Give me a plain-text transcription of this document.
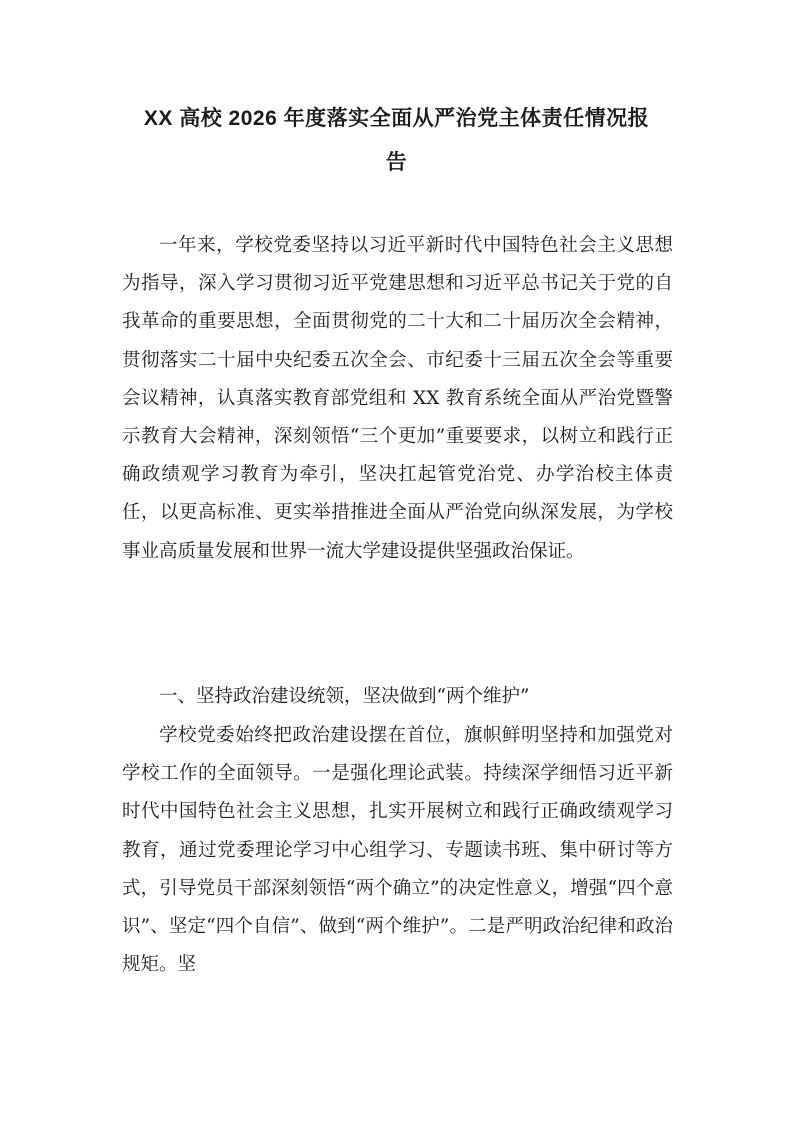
XX 高校 2026 年度落实全面从严治党主体责任情况报
告

一年来，学校党委坚持以习近平新时代中国特色社会主义思想为指导，深入学习贯彻习近平党建思想和习近平总书记关于党的自我革命的重要思想，全面贯彻党的二十大和二十届历次全会精神，贯彻落实二十届中央纪委五次全会、市纪委十三届五次全会等重要会议精神，认真落实教育部党组和 XX 教育系统全面从严治党暨警示教育大会精神，深刻领悟“三个更加”重要要求，以树立和践行正确政绩观学习教育为牵引，坚决扛起管党治党、办学治校主体责任，以更高标准、更实举措推进全面从严治党向纵深发展，为学校事业高质量发展和世界一流大学建设提供坚强政治保证。

一、坚持政治建设统领，坚决做到“两个维护”

学校党委始终把政治建设摆在首位，旗帜鲜明坚持和加强党对学校工作的全面领导。一是强化理论武装。持续深学细悟习近平新时代中国特色社会主义思想，扎实开展树立和践行正确政绩观学习教育，通过党委理论学习中心组学习、专题读书班、集中研讨等方式，引导党员干部深刻领悟“两个确立”的决定性意义，增强“四个意识”、坚定“四个自信”、做到“两个维护”。二是严明政治纪律和政治规矩。坚
